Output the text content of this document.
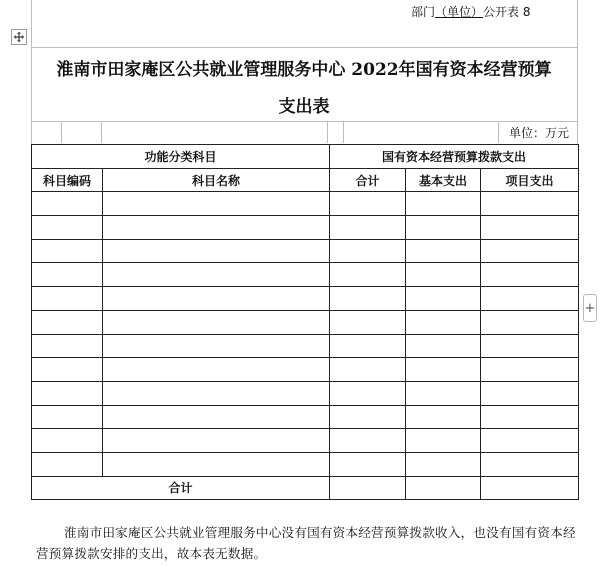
部门（单位）公开表 8
淮南市田家庵区公共就业管理服务中心 2022年国有资本经营预算
支出表
单位：万元
功能分类科目		国有资本经营预算拨款支出		
科目编码	科目名称	合计	基本支出	项目支出

合计				
+
淮南市田家庵区公共就业管理服务中心没有国有资本经营预算拨款收入，也没有国有资本经营预算拨款安排的支出，故本表无数据。
